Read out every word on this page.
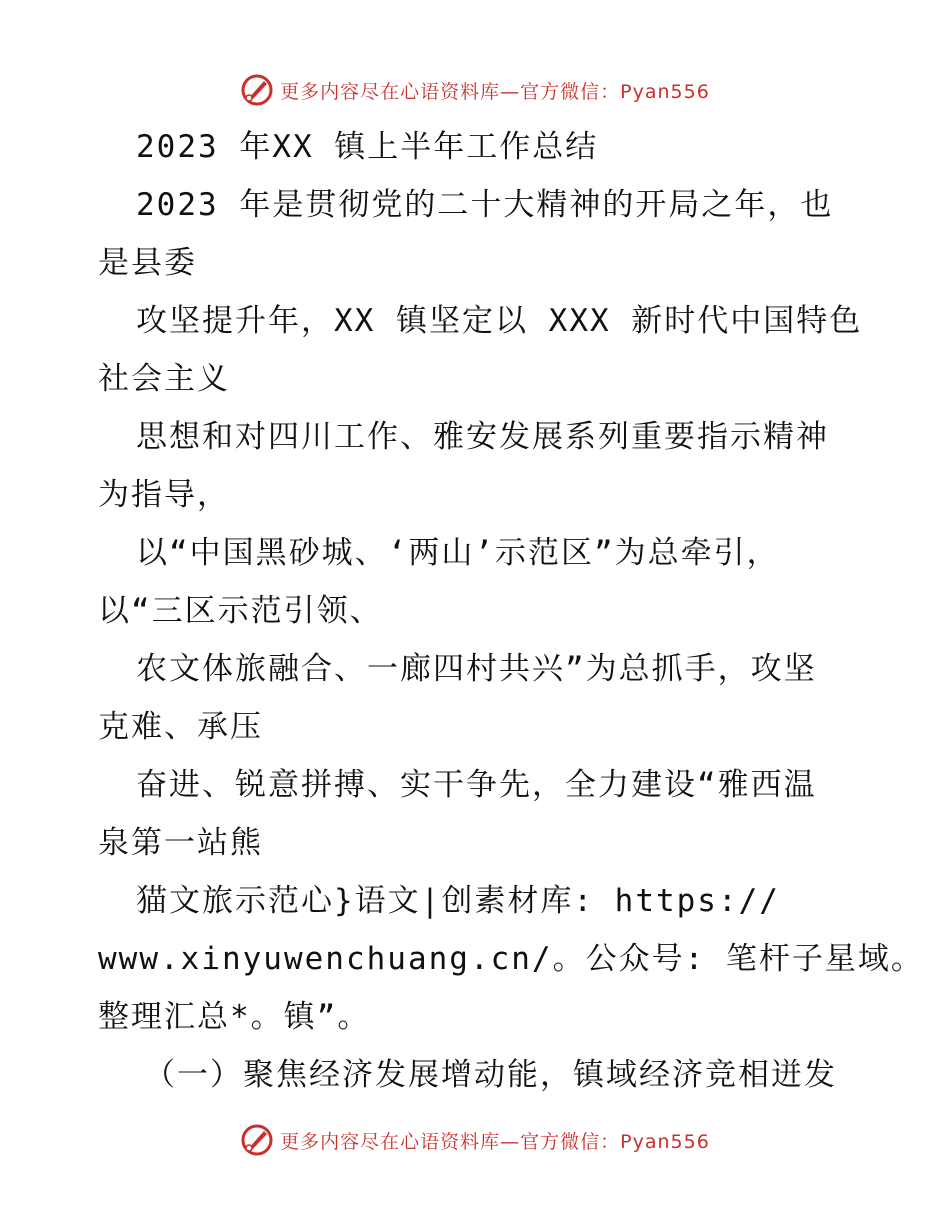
更多内容尽在心语资料库—官方微信：Pyan556
2023 年XX 镇上半年工作总结
2023 年是贯彻党的二十大精神的开局之年，也
是县委
攻坚提升年，XX 镇坚定以 XXX 新时代中国特色
社会主义
思想和对四川工作、雅安发展系列重要指示精神
为指导，
以“中国黑砂城、‘两山’示范区”为总牵引，
以“三区示范引领、
农文体旅融合、一廊四村共兴”为总抓手，攻坚
克难、承压
奋进、锐意拼搏、实干争先，全力建设“雅西温
泉第一站熊
猫文旅示范心}语文|创素材库: https://
www.xinyuwenchuang.cn/。公众号: 笔杆子星域。
整理汇总*。镇”。
（一）聚焦经济发展增动能，镇域经济竞相迸发
更多内容尽在心语资料库—官方微信：Pyan556
